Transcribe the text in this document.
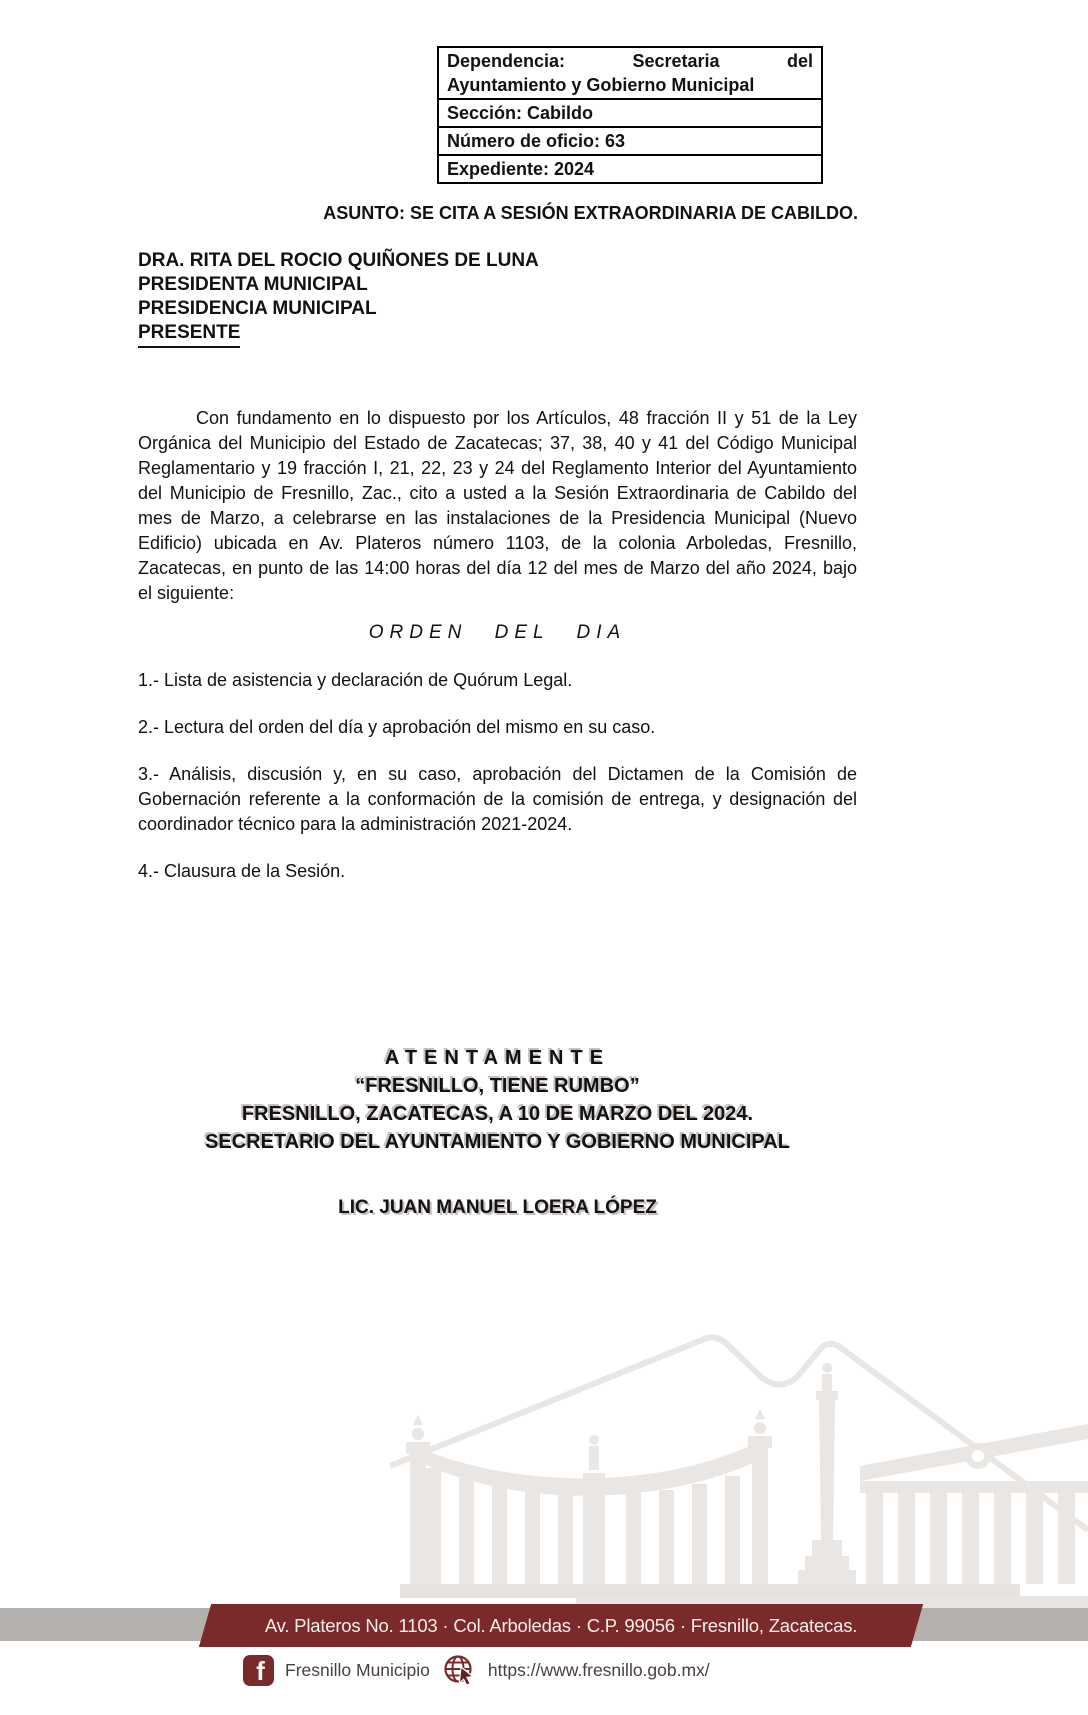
Dependencia:	Secretaria	del
Ayuntamiento y Gobierno Municipal
Sección: Cabildo
Número de oficio: 63
Expediente: 2024
ASUNTO: SE CITA A SESIÓN EXTRAORDINARIA DE CABILDO.
DRA. RITA DEL ROCIO QUIÑONES DE LUNA
PRESIDENTA MUNICIPAL
PRESIDENCIA MUNICIPAL
PRESENTE

Con fundamento en lo dispuesto por los Artículos, 48 fracción II y 51 de la Ley Orgánica del Municipio del Estado de Zacatecas; 37, 38, 40 y 41 del Código Municipal Reglamentario y 19 fracción I, 21, 22, 23 y 24 del Reglamento Interior del Ayuntamiento del Municipio de Fresnillo, Zac., cito a usted a la Sesión Extraordinaria de Cabildo del mes de Marzo, a celebrarse en las instalaciones de la Presidencia Municipal (Nuevo Edificio) ubicada en Av. Plateros número 1103, de la colonia Arboledas, Fresnillo, Zacatecas, en punto de las 14:00 horas del día 12 del mes de Marzo del año 2024, bajo el siguiente:

ORDEN DEL DIA
1.- Lista de asistencia y declaración de Quórum Legal.
2.- Lectura del orden del día y aprobación del mismo en su caso.
3.- Análisis, discusión y, en su caso, aprobación del Dictamen de la Comisión de Gobernación referente a la conformación de la comisión de entrega, y designación del coordinador técnico para la administración 2021-2024.
4.- Clausura de la Sesión.
ATENTAMENTE
“FRESNILLO, TIENE RUMBO”
FRESNILLO, ZACATECAS, A 10 DE MARZO DEL 2024.
SECRETARIO DEL AYUNTAMIENTO Y GOBIERNO MUNICIPAL
LIC. JUAN MANUEL LOERA LÓPEZ
Av. Plateros No. 1103 · Col. Arboledas · C.P. 99056 · Fresnillo, Zacatecas.
f Fresnillo Municipio	https://www.fresnillo.gob.mx/
